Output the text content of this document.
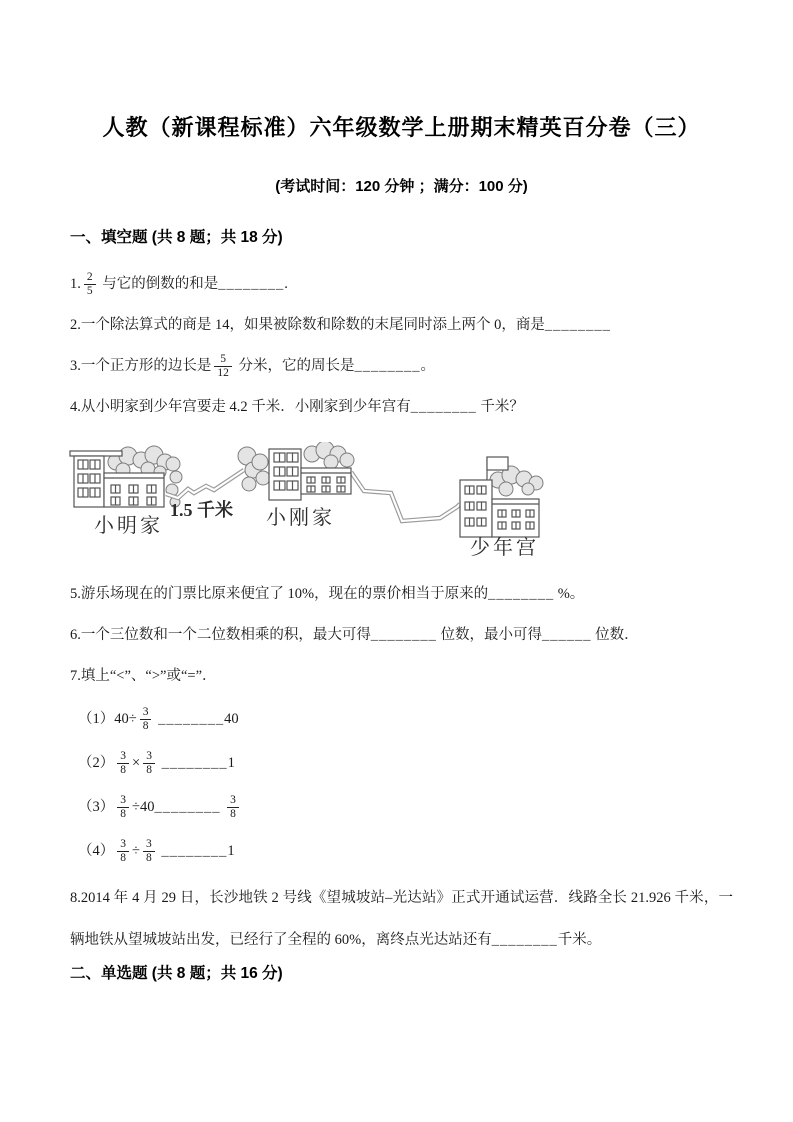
人教（新课程标准）六年级数学上册期末精英百分卷（三）
(考试时间：120 分钟 ；满分：100 分)
一、填空题 (共 8 题；共 18 分)
1. $\frac{2}{5}$ 与它的倒数的和是________.
2.一个除法算式的商是 14，如果被除数和除数的末尾同时添上两个 0，商是________
3.一个正方形的边长是 $\frac{5}{12}$ 分米，它的周长是________。
4.从小明家到少年宫要走 4.2 千米．小刚家到少年宫有________ 千米？
小明家
1.5 千米 小刚家
少年宫
5.游乐场现在的门票比原来便宜了 10%，现在的票价相当于原来的________ %。
6.一个三位数和一个二位数相乘的积，最大可得________ 位数，最小可得______ 位数．
7.填上“<”、“>”或“=”．
$(1)40\div \frac{3}{8}$ ________40
$(2) \frac{3}{8} \times \frac{3}{8}$ ________1
$(3) \frac{3}{8}$ ÷40________ $\frac{3}{8}$
$(4) \frac{3}{8} \div \frac{3}{8}$ ________1
8.2014 年 4 月 29 日，长沙地铁 2 号线《望城坡站–光达站》正式开通试运营．线路全长 21.926 千米，一辆地铁从望城坡站出发，已经行了全程的 60%，离终点光达站还有________千米。
二、单选题 (共 8 题；共 16 分)
